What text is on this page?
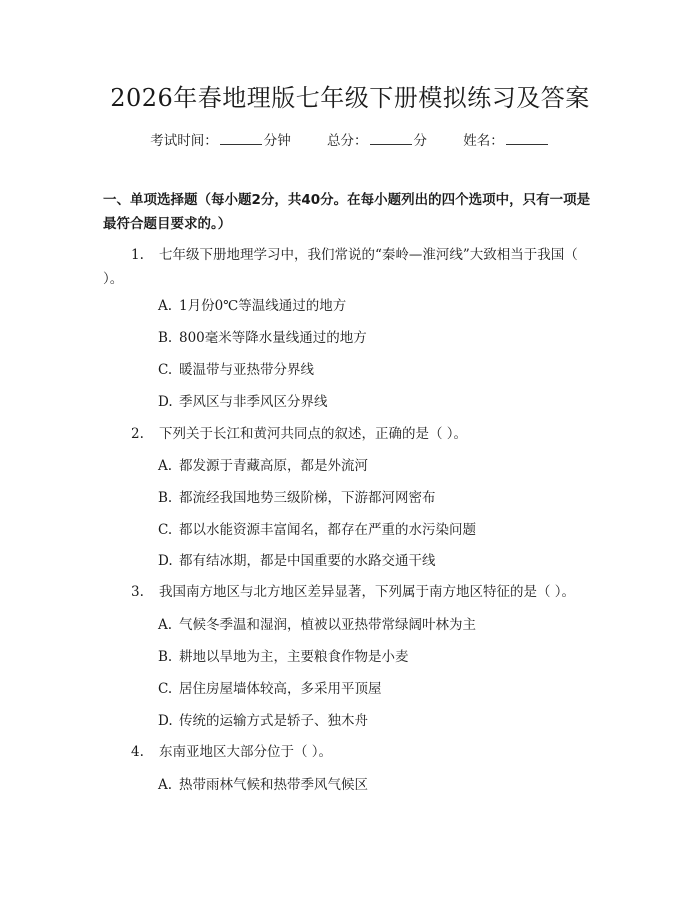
2026年春地理版七年级下册模拟练习及答案
考试时间：	分钟	总分：	分	姓名：
一、单项选择题（每小题2分，共40分。在每小题列出的四个选项中，只有一项是最符合题目要求的。）
1. 七年级下册地理学习中，我们常说的“秦岭—淮河线”大致相当于我国（ ）。
A. 1月份0℃等温线通过的地方
B. 800毫米等降水量线通过的地方
C. 暖温带与亚热带分界线
D. 季风区与非季风区分界线
2. 下列关于长江和黄河共同点的叙述，正确的是（ ）。
A. 都发源于青藏高原，都是外流河
B. 都流经我国地势三级阶梯，下游都河网密布
C. 都以水能资源丰富闻名，都存在严重的水污染问题
D. 都有结冰期，都是中国重要的水路交通干线
3. 我国南方地区与北方地区差异显著，下列属于南方地区特征的是（ ）。
A. 气候冬季温和湿润，植被以亚热带常绿阔叶林为主
B. 耕地以旱地为主，主要粮食作物是小麦
C. 居住房屋墙体较高，多采用平顶屋
D. 传统的运输方式是轿子、独木舟
4. 东南亚地区大部分位于（ ）。
A. 热带雨林气候和热带季风气候区
